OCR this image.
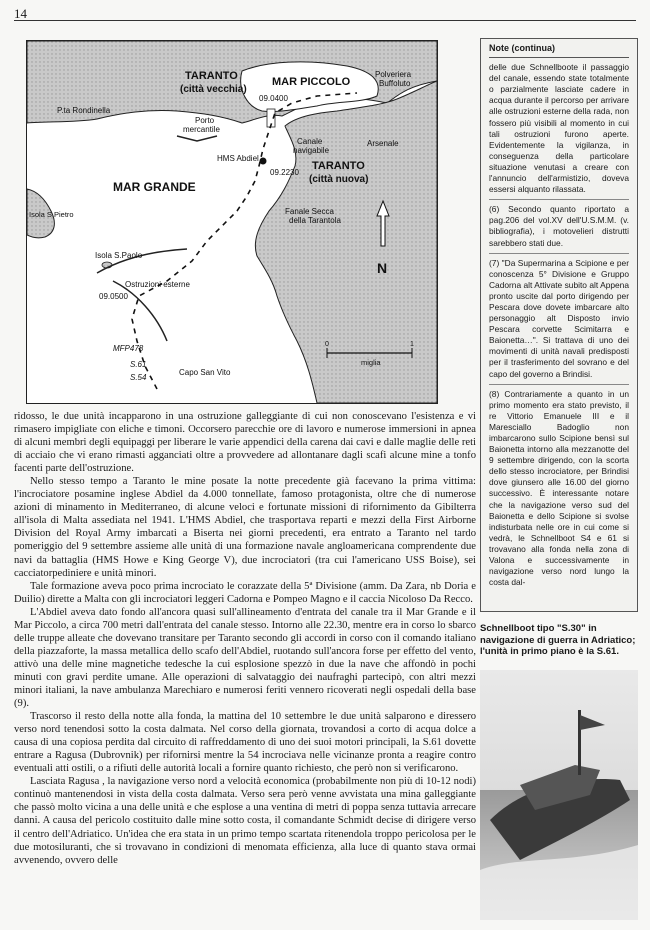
14
TARANTO
(città vecchia)
MAR PICCOLO
Polveriera
Buffoluto
09.0400
P.ta Rondinella
Porto
mercantile
Canale
navigabile
Arsenale
HMS Abdiel
09.2230
TARANTO
(città nuova)
MAR GRANDE
Fanale Secca
della Tarantola
Isola S.Pietro
Isola S.Paolo
Ostruzioni esterne
09.0500
N
0	1
miglia
MFP478
S.61
S.54
Capo San Vito
Note (continua)

delle due Schnellboote il passaggio del canale, essendo state totalmente o parzialmente lasciate cadere in acqua durante il percorso per arrivare alle ostruzioni esterne della rada, non fossero più visibili al momento in cui tali ostruzioni furono aperte. Evidentemente la vigilanza, in conseguenza della particolare situazione venutasi a creare con l'annuncio dell'armistizio, doveva essersi alquanto rilassata.

(6) Secondo quanto riportato a pag.206 del vol.XV dell'U.S.M.M. (v. bibliografia), i motovelieri distrutti sarebbero stati due.

(7) "Da Supermarina a Scipione e per conoscenza 5° Divisione e Gruppo Cadorna alt Attivate subito alt Appena pronto uscite dal porto dirigendo per Pescara dove dovete imbarcare alto personaggio alt Disposto invio Pescara corvette Scimitarra e Baionetta…". Si trattava di uno dei movimenti di unità navali predisposti per il trasferimento del sovrano e del capo del governo a Brindisi.

(8) Contrariamente a quanto in un primo momento era stato previsto, il re Vittorio Emanuele III e il Maresciallo Badoglio non imbarcarono sullo Scipione bensì sul Baionetta intorno alla mezzanotte del 9 settembre dirigendo, con la scorta dello stesso incrociatore, per Brindisi dove giunsero alle 16.00 del giorno successivo. È interessante notare che la navigazione verso sud del Baionetta e dello Scipione si svolse indisturbata nelle ore in cui come si vedrà, le Schnellboot S4 e 61 si trovavano alla fonda nella zona di Valona e successivamente in navigazione verso nord lungo la costa dal-

Schnellboot tipo "S.30" in navigazione di guerra in Adriatico; l'unità in primo piano è la S.61.

ridosso, le due unità incapparono in una ostruzione galleggiante di cui non conoscevano l'esistenza e vi rimasero impigliate con eliche e timoni. Occorsero parecchie ore di lavoro e numerose immersioni in apnea di alcuni membri degli equipaggi per liberare le varie appendici della carena dai cavi e dalle maglie delle reti di acciaio che vi erano rimasti agganciati oltre a provvedere ad allontanare dagli scafi alcune mine a tonfo facenti parte dell'ostruzione.

Nello stesso tempo a Taranto le mine posate la notte precedente già facevano la prima vittima: l'incrociatore posamine inglese Abdiel da 4.000 tonnellate, famoso protagonista, oltre che di numerose azioni di minamento in Mediterraneo, di alcune veloci e fortunate missioni di rifornimento da Gibilterra all'isola di Malta assediata nel 1941. L'HMS Abdiel, che trasportava reparti e mezzi della First Airborne Division del Royal Army imbarcati a Biserta nei giorni precedenti, era entrato a Taranto nel tardo pomeriggio del 9 settembre assieme alle unità di una formazione navale angloamericana comprendente due navi da battaglia (HMS Howe e King George V), due incrociatori (tra cui l'americano USS Boise), sei cacciatorpediniere e unità minori.

Tale formazione aveva poco prima incrociato le corazzate della 5ª Divisione (amm. Da Zara, nb Doria e Duilio) dirette a Malta con gli incrociatori leggeri Cadorna e Pompeo Magno e il caccia Nicoloso Da Recco.

L'Abdiel aveva dato fondo all'ancora quasi sull'allineamento d'entrata del canale tra il Mar Grande e il Mar Piccolo, a circa 700 metri dall'entrata del canale stesso. Intorno alle 22.30, mentre era in corso lo sbarco delle truppe alleate che dovevano transitare per Taranto secondo gli accordi in corso con il comando italiano della piazzaforte, la massa metallica dello scafo dell'Abdiel, ruotando sull'ancora forse per effetto del vento, attivò una delle mine magnetiche tedesche la cui esplosione spezzò in due la nave che affondò in pochi minuti con gravi perdite umane. Alle operazioni di salvataggio dei naufraghi partecipò, con altri mezzi minori italiani, la nave ambulanza Marechiaro e numerosi feriti vennero ricoverati negli ospedali della base (9).

Trascorso il resto della notte alla fonda, la mattina del 10 settembre le due unità salparono e diressero verso nord tenendosi sotto la costa dalmata. Nel corso della giornata, trovandosi a corto di acqua dolce a causa di una copiosa perdita dal circuito di raffreddamento di uno dei suoi motori principali, la S.61 dovette entrare a Ragusa (Dubrovnik) per rifornirsi mentre la 54 incrociava nelle vicinanze pronta a reagire contro eventuali atti ostili, o a rifiuti delle autorità locali a fornire quanto richiesto, che però non si verificarono.

Lasciata Ragusa , la navigazione verso nord a velocità economica (probabilmente non più di 10-12 nodi) continuò mantenendosi in vista della costa dalmata. Verso sera però venne avvistata una mina galleggiante che passò molto vicina a una delle unità e che esplose a una ventina di metri di poppa senza tuttavia arrecare danni. A causa del pericolo costituito dalle mine sotto costa, il comandante Schmidt decise di dirigere verso il centro dell'Adriatico. Un'idea che era stata in un primo tempo scartata ritenendola troppo pericolosa per le due motosiluranti, che si trovavano in condizioni di menomata efficienza, alla luce di quanto stava ormai avvenendo, ovvero delle
